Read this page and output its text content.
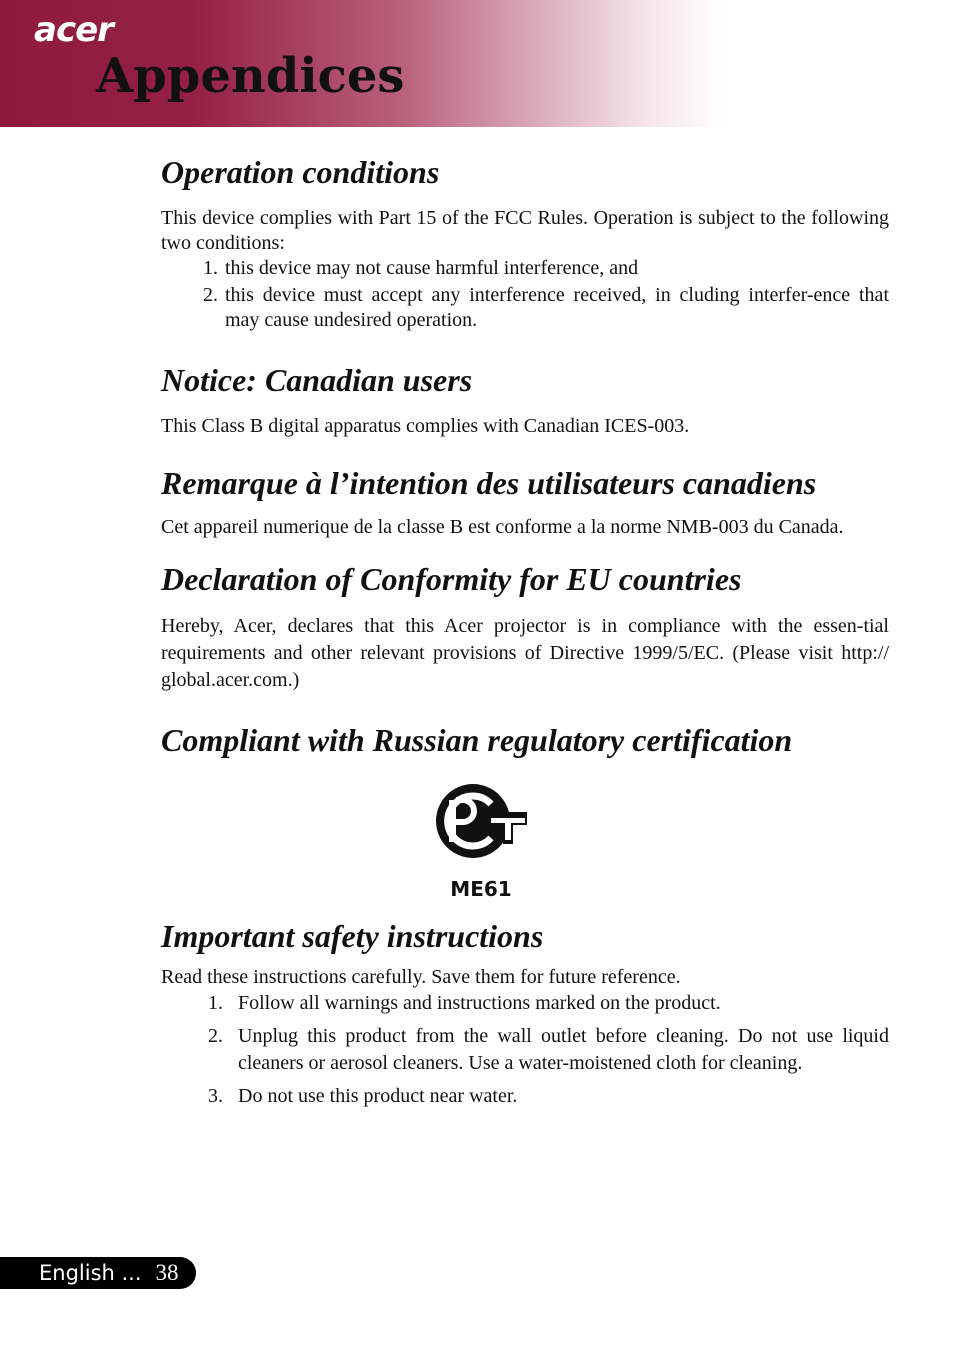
acer
Appendices
Operation conditions

This device complies with Part 15 of the FCC Rules. Operation is subject to the following two conditions:

1. this device may not cause harmful interference, and
2. this device must accept any interference received, in cluding interfer-ence that may cause undesired operation.
Notice: Canadian users

This Class B digital apparatus complies with Canadian ICES-003.

Remarque à l’intention des utilisateurs canadiens

Cet appareil numerique de la classe B est conforme a la norme NMB-003 du Canada.

Declaration of Conformity for EU countries

Hereby, Acer, declares that this Acer projector is in compliance with the essen-tial requirements and other relevant provisions of Directive 1999/5/EC. (Please visit http:// global.acer.com.)

Compliant with Russian regulatory certification
ME61
Important safety instructions

Read these instructions carefully. Save them for future reference.

1. Follow all warnings and instructions marked on the product.
2. Unplug this product from the wall outlet before cleaning. Do not use liquid cleaners or aerosol cleaners. Use a water-moistened cloth for cleaning.
3. Do not use this product near water.
English ... 38
